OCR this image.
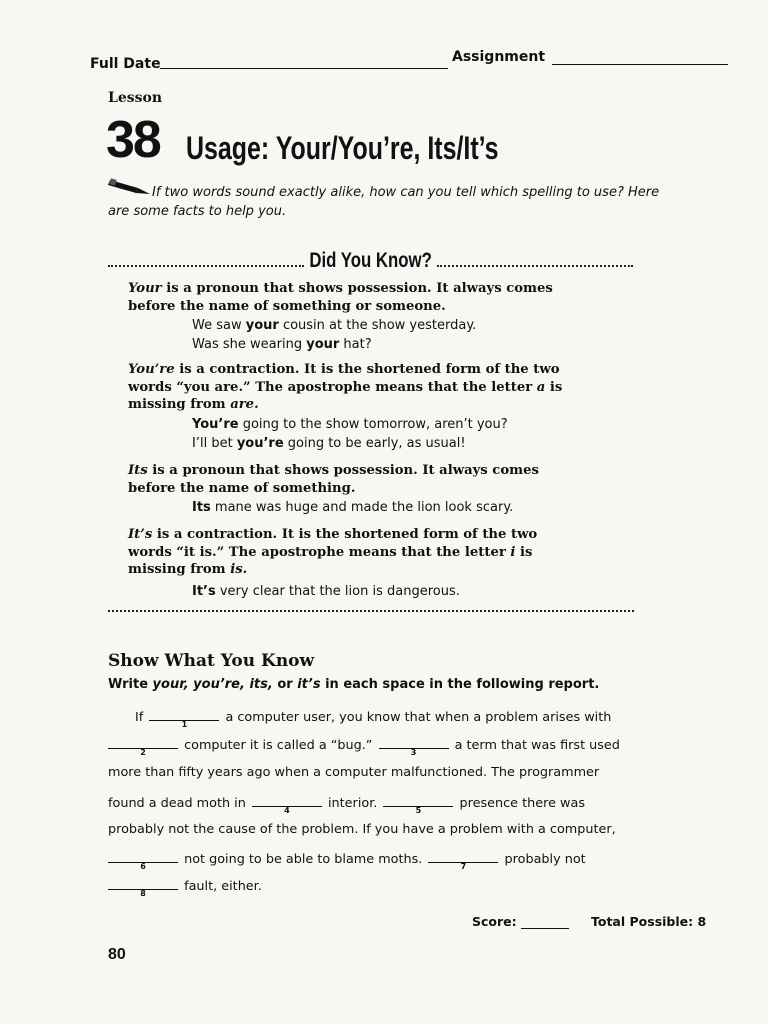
Full Date	Assignment
Lesson
38 Usage: Your/You’re, Its/It’s
If two words sound exactly alike, how can you tell which spelling to use? Here
are some facts to help you.
Did You Know?
Your is a pronoun that shows possession. It always comes
before the name of something or someone.
We saw your cousin at the show yesterday.
Was she wearing your hat?
You’re is a contraction. It is the shortened form of the two
words “you are.” The apostrophe means that the letter a is
missing from are.
You’re going to the show tomorrow, aren’t you?
I’ll bet you’re going to be early, as usual!
Its is a pronoun that shows possession. It always comes
before the name of something.
Its mane was huge and made the lion look scary.
It’s is a contraction. It is the shortened form of the two
words “it is.” The apostrophe means that the letter i is
missing from is.
It’s very clear that the lion is dangerous.
Show What You Know
Write your, you’re, its, or it’s in each space in the following report.
If	1	a computer user, you know that when a problem arises with
2	computer it is called a “bug.”	3	a term that was first used
more than fifty years ago when a computer malfunctioned. The programmer
found a dead moth in	4	interior.	5	presence there was
probably not the cause of the problem. If you have a problem with a computer,
6	not going to be able to blame moths.	7	probably not
8	fault, either.
Score:	Total Possible: 8
80
